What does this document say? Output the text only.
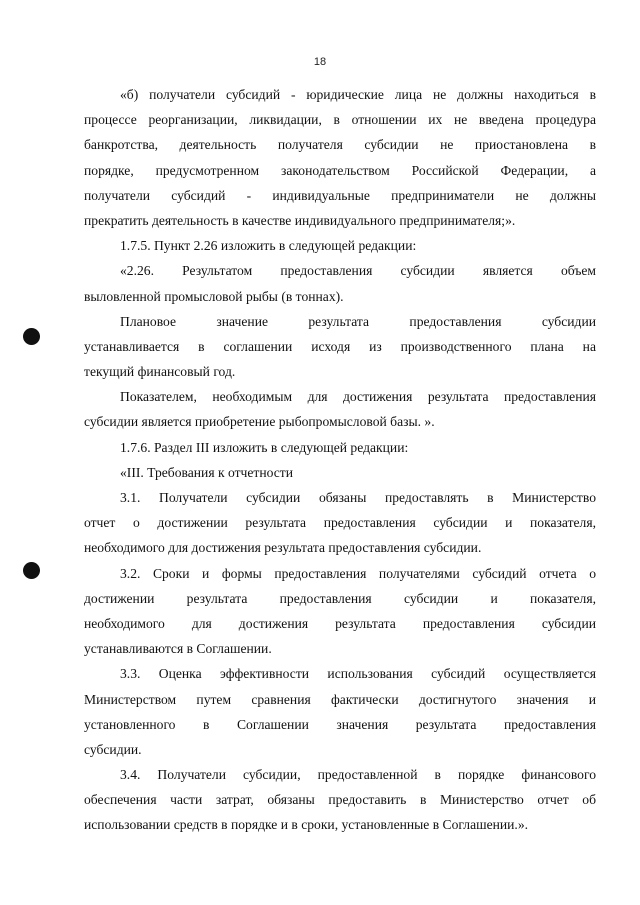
18
«б) получатели субсидий - юридические лица не должны находиться в
процессе реорганизации, ликвидации, в отношении их не введена процедура
банкротства, деятельность получателя субсидии не приостановлена в
порядке, предусмотренном законодательством Российской Федерации, а
получатели субсидий - индивидуальные предприниматели не должны
прекратить деятельность в качестве индивидуального предпринимателя;».
1.7.5. Пункт 2.26 изложить в следующей редакции:
«2.26. Результатом предоставления субсидии является объем
выловленной промысловой рыбы (в тоннах).
Плановое значение результата предоставления субсидии
устанавливается в соглашении исходя из производственного плана на
текущий финансовый год.
Показателем, необходимым для достижения результата предоставления
субсидии является приобретение рыбопромысловой базы. ».
1.7.6. Раздел III изложить в следующей редакции:
«III. Требования к отчетности
3.1. Получатели субсидии обязаны предоставлять в Министерство
отчет о достижении результата предоставления субсидии и показателя,
необходимого для достижения результата предоставления субсидии.
3.2. Сроки и формы предоставления получателями субсидий отчета о
достижении результата предоставления субсидии и показателя,
необходимого для достижения результата предоставления субсидии
устанавливаются в Соглашении.
3.3. Оценка эффективности использования субсидий осуществляется
Министерством путем сравнения фактически достигнутого значения и
установленного в Соглашении значения результата предоставления
субсидии.
3.4. Получатели субсидии, предоставленной в порядке финансового
обеспечения части затрат, обязаны предоставить в Министерство отчет об
использовании средств в порядке и в сроки, установленные в Соглашении.».
